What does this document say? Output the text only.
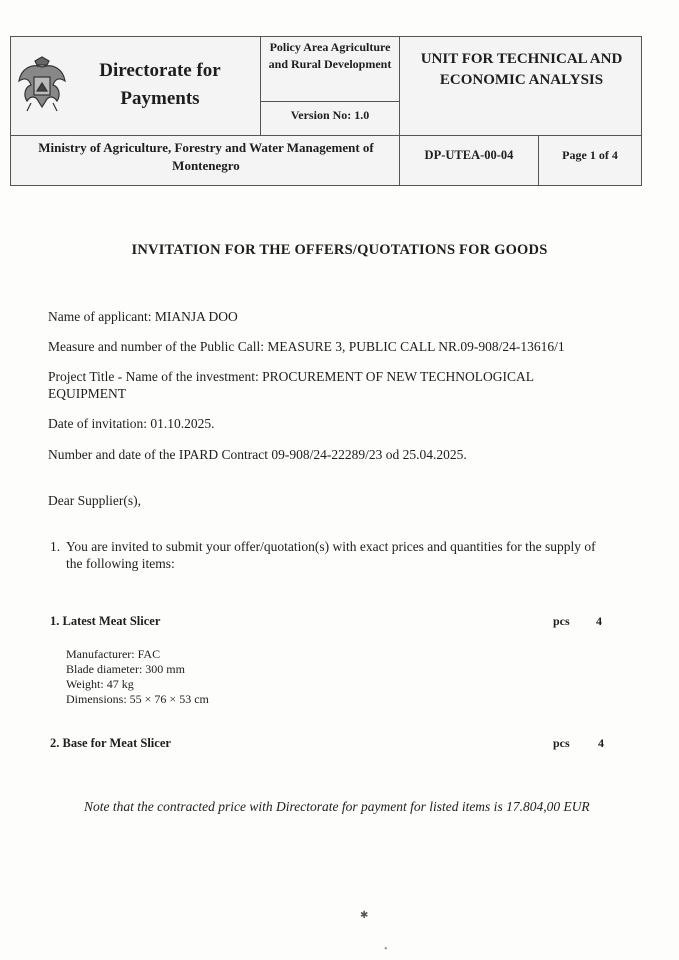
Directorate for Payments
Policy Area Agriculture and Rural Development
Version No: 1.0
UNIT FOR TECHNICAL AND ECONOMIC ANALYSIS
Ministry of Agriculture, Forestry and Water Management of Montenegro
DP-UTEA-00-04	Page 1 of 4
INVITATION FOR THE OFFERS/QUOTATIONS FOR GOODS
Name of applicant: MIANJA DOO
Measure and number of the Public Call: MEASURE 3, PUBLIC CALL NR.09-908/24-13616/1
Project Title - Name of the investment: PROCUREMENT OF NEW TECHNOLOGICAL
EQUIPMENT
Date of invitation: 01.10.2025.
Number and date of the IPARD Contract 09-908/24-22289/23 od 25.04.2025.
Dear Supplier(s),
1. You are invited to submit your offer/quotation(s) with exact prices and quantities for the supply of
the following items:
1. Latest Meat Slicer	pcs 4
Manufacturer: FAC
Blade diameter: 300 mm
Weight: 47 kg
Dimensions: 55 × 76 × 53 cm
2. Base for Meat Slicer	pcs 4
Note that the contracted price with Directorate for payment for listed items is 17.804,00 EUR
✱
•
